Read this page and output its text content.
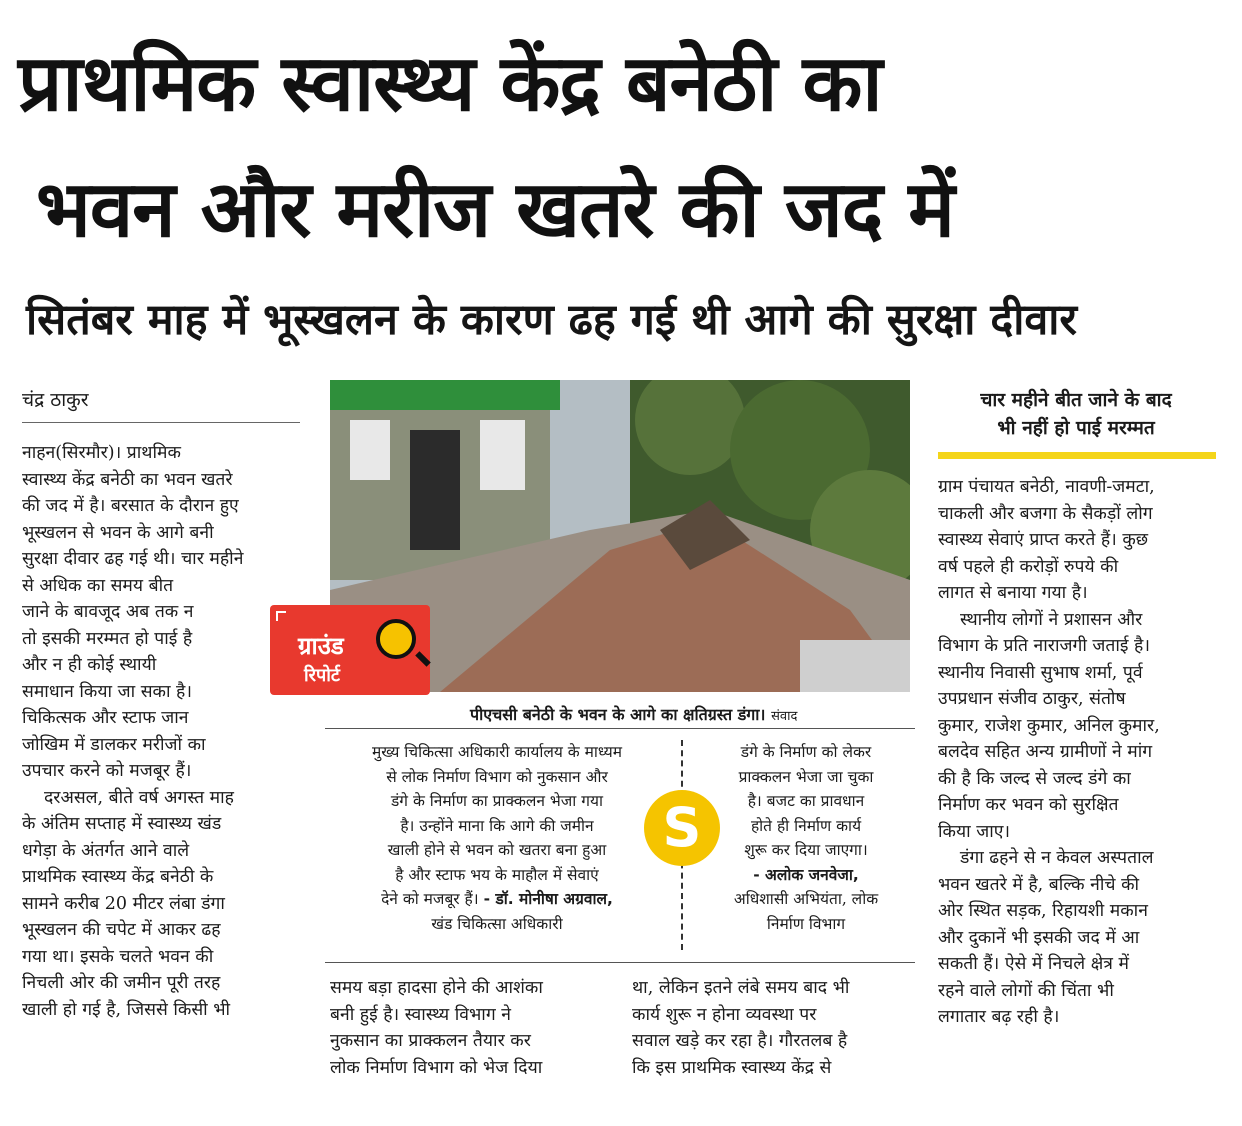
प्राथमिक स्वास्थ्य केंद्र बनेठी का
भवन और मरीज खतरे की जद में
सितंबर माह में भूस्खलन के कारण ढह गई थी आगे की सुरक्षा दीवार
चंद्र ठाकुर
नाहन(सिरमौर)। प्राथमिक
स्वास्थ्य केंद्र बनेठी का भवन खतरे
की जद में है। बरसात के दौरान हुए
भूस्खलन से भवन के आगे बनी
सुरक्षा दीवार ढह गई थी। चार महीने
से अधिक का समय बीत
जाने के बावजूद अब तक न
तो इसकी मरम्मत हो पाई है
और न ही कोई स्थायी
समाधान किया जा सका है।
चिकित्सक और स्टाफ जान
जोखिम में डालकर मरीजों का
उपचार करने को मजबूर हैं।
दरअसल, बीते वर्ष अगस्त माह
के अंतिम सप्ताह में स्वास्थ्य खंड
धगेड़ा के अंतर्गत आने वाले
प्राथमिक स्वास्थ्य केंद्र बनेठी के
सामने करीब 20 मीटर लंबा डंगा
भूस्खलन की चपेट में आकर ढह
गया था। इसके चलते भवन की
निचली ओर की जमीन पूरी तरह
खाली हो गई है, जिससे किसी भी
ग्राउंड
रिपोर्ट
पीएचसी बनेठी के भवन के आगे का क्षतिग्रस्त डंगा। संवाद
मुख्य चिकित्सा अधिकारी कार्यालय के माध्यम
से लोक निर्माण विभाग को नुकसान और
डंगे के निर्माण का प्राक्कलन भेजा गया
है। उन्होंने माना कि आगे की जमीन
खाली होने से भवन को खतरा बना हुआ
है और स्टाफ भय के माहौल में सेवाएं
देने को मजबूर हैं। - डॉ. मोनीषा अग्रवाल,
खंड चिकित्सा अधिकारी
S
डंगे के निर्माण को लेकर
प्राक्कलन भेजा जा चुका
है। बजट का प्रावधान
होते ही निर्माण कार्य
शुरू कर दिया जाएगा।
- अलोक जनवेजा,
अधिशासी अभियंता, लोक
निर्माण विभाग
समय बड़ा हादसा होने की आशंका
बनी हुई है। स्वास्थ्य विभाग ने
नुकसान का प्राक्कलन तैयार कर
लोक निर्माण विभाग को भेज दिया
था, लेकिन इतने लंबे समय बाद भी
कार्य शुरू न होना व्यवस्था पर
सवाल खड़े कर रहा है। गौरतलब है
कि इस प्राथमिक स्वास्थ्य केंद्र से
चार महीने बीत जाने के बाद
भी नहीं हो पाई मरम्मत
ग्राम पंचायत बनेठी, नावणी-जमटा,
चाकली और बजगा के सैकड़ों लोग
स्वास्थ्य सेवाएं प्राप्त करते हैं। कुछ
वर्ष पहले ही करोड़ों रुपये की
लागत से बनाया गया है।
स्थानीय लोगों ने प्रशासन और
विभाग के प्रति नाराजगी जताई है।
स्थानीय निवासी सुभाष शर्मा, पूर्व
उपप्रधान संजीव ठाकुर, संतोष
कुमार, राजेश कुमार, अनिल कुमार,
बलदेव सहित अन्य ग्रामीणों ने मांग
की है कि जल्द से जल्द डंगे का
निर्माण कर भवन को सुरक्षित
किया जाए।
डंगा ढहने से न केवल अस्पताल
भवन खतरे में है, बल्कि नीचे की
ओर स्थित सड़क, रिहायशी मकान
और दुकानें भी इसकी जद में आ
सकती हैं। ऐसे में निचले क्षेत्र में
रहने वाले लोगों की चिंता भी
लगातार बढ़ रही है।
